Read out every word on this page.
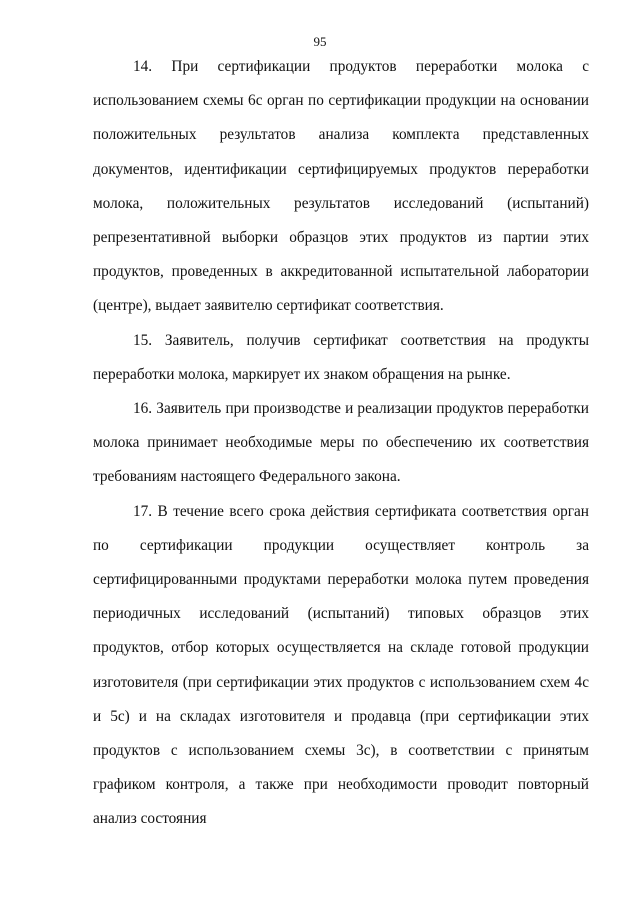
95

14. При сертификации продуктов переработки молока с использованием схемы 6с орган по сертификации продукции на основании положительных результатов анализа комплекта представленных документов, идентификации сертифицируемых продуктов переработки молока, положительных результатов исследований (испытаний) репрезентативной выборки образцов этих продуктов из партии этих продуктов, проведенных в аккредитованной испытательной лаборатории (центре), выдает заявителю сертификат соответствия.

15. Заявитель, получив сертификат соответствия на продукты переработки молока, маркирует их знаком обращения на рынке.

16. Заявитель при производстве и реализации продуктов переработки молока принимает необходимые меры по обеспечению их соответствия требованиям настоящего Федерального закона.

17. В течение всего срока действия сертификата соответствия орган по сертификации продукции осуществляет контроль за сертифицированными продуктами переработки молока путем проведения периодичных исследований (испытаний) типовых образцов этих продуктов, отбор которых осуществляется на складе готовой продукции изготовителя (при сертификации этих продуктов с использованием схем 4с и 5с) и на складах изготовителя и продавца (при сертификации этих продуктов с использованием схемы 3с), в соответствии с принятым графиком контроля, а также при необходимости проводит повторный анализ состояния
